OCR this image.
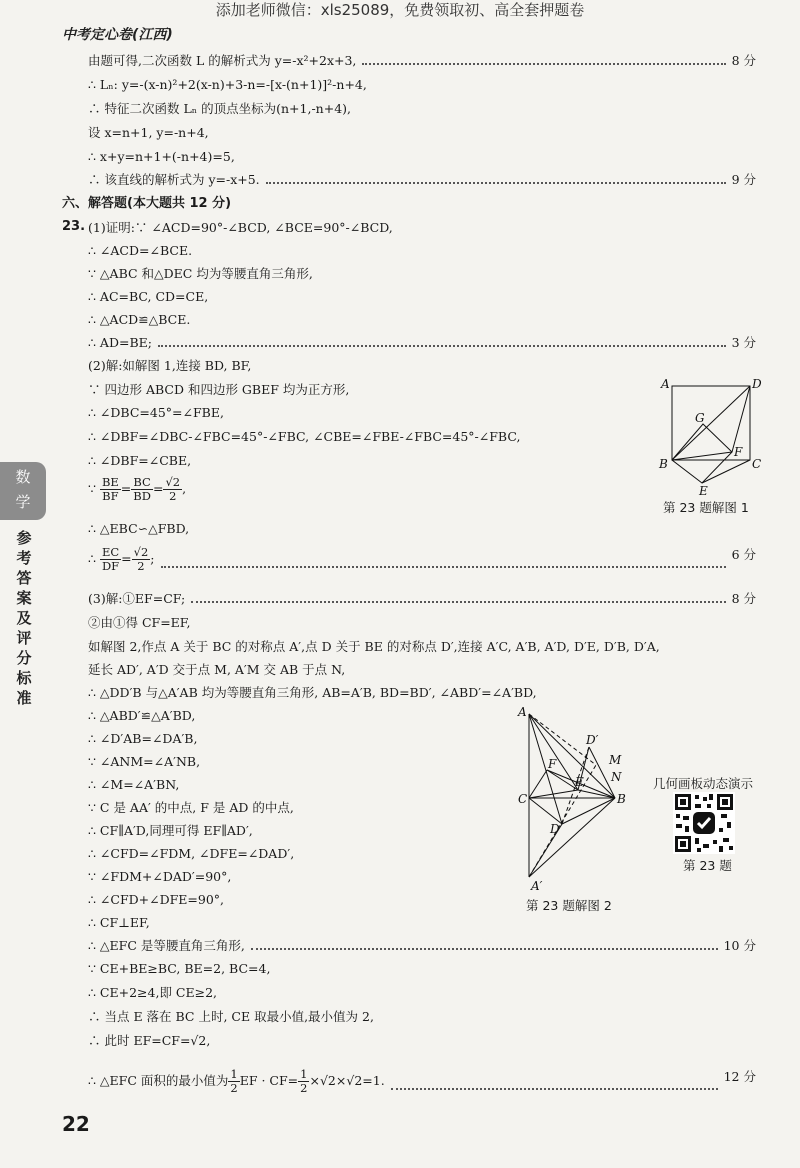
添加老师微信：xls25089，免费领取初、高全套押题卷
中考定心卷(江西)
数
学
参
考
答
案
及
评
分
标
准
由题可得,二次函数 L 的解析式为 y=-x²+2x+3,	8 分
∴ Lₙ: y=-(x-n)²+2(x-n)+3-n=-[x-(n+1)]²-n+4,
∴ 特征二次函数 Lₙ 的顶点坐标为(n+1,-n+4),
设 x=n+1, y=-n+4,
∴ x+y=n+1+(-n+4)=5,
∴ 该直线的解析式为 y=-x+5.	9 分
六、解答题(本大题共 12 分)
23. (1)证明:∵ ∠ACD=90°-∠BCD, ∠BCE=90°-∠BCD,
∴ ∠ACD=∠BCE.
∵ △ABC 和△DEC 均为等腰直角三角形,
∴ AC=BC, CD=CE,
∴ △ACD≌△BCE.
∴ AD=BE;	3 分
(2)解:如解图 1,连接 BD, BF,
∵ 四边形 ABCD 和四边形 GBEF 均为正方形,
∴ ∠DBC=45°=∠FBE,
∴ ∠DBF=∠DBC-∠FBC=45°-∠FBC, ∠CBE=∠FBE-∠FBC=45°-∠FBC,
∴ ∠DBF=∠CBE,
∵ $\frac{BE}{BF} = \frac{BC}{BD} = \frac{√2}{2}$ ,
∴ △EBC∽△FBD,
∴ $\frac{EC}{DF} = \frac{√2}{2}$ ;	6 分
(3)解:①EF=CF;	8 分
②由①得 CF=EF,
如解图 2,作点 A 关于 BC 的对称点 A′,点 D 关于 BE 的对称点 D′,连接 A′C, A′B, A′D, D′E, D′B, D′A,
延长 AD′, A′D 交于点 M, A′M 交 AB 于点 N,
∴ △DD′B 与△A′AB 均为等腰直角三角形, AB=A′B, BD=BD′, ∠ABD′=∠A′BD,
∴ △ABD′≌△A′BD,
∴ ∠D′AB=∠DA′B,
∵ ∠ANM=∠A′NB,
∴ ∠M=∠A′BN,
∵ C 是 AA′ 的中点, F 是 AD 的中点,
∴ CF∥A′D,同理可得 EF∥AD′,
∴ ∠CFD=∠FDM, ∠DFE=∠DAD′,
∵ ∠FDM+∠DAD′=90°,
∴ ∠CFD+∠DFE=90°,
∴ CF⊥EF,
∴ △EFC 是等腰直角三角形,	10 分
∵ CE+BE≥BC, BE=2, BC=4,
∴ CE+2≥4,即 CE≥2,
∴ 当点 E 落在 BC 上时, CE 取最小值,最小值为 2,
∴ 此时 EF=CF=√2,
∴ △EFC 面积的最小值为 $\frac{1}{2}$ EF · $CF= \frac{1}{2} \times√2\times√2=1$.	12 分
A	D
G
F
B	C
E
第 23 题解图 1
A
D′
M
N
F
E
C	B
D
A′
第 23 题解图 2
几何画板动态演示
第 23 题
22
